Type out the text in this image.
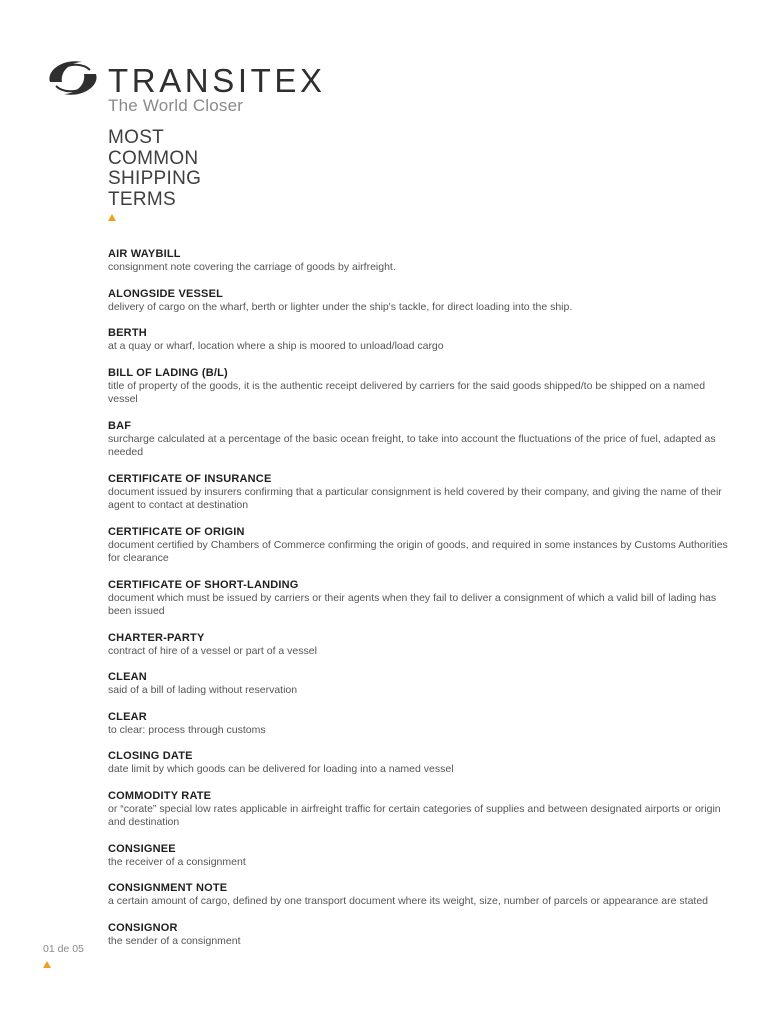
TRANSITEX
The World Closer
MOST
COMMON
SHIPPING
TERMS
AIR WAYBILL
consignment note covering the carriage of goods by airfreight.
ALONGSIDE VESSEL
delivery of cargo on the wharf, berth or lighter under the ship's tackle, for direct loading into the ship.
BERTH
at a quay or wharf, location where a ship is moored to unload/load cargo
BILL OF LADING (B/L)
title of property of the goods, it is the authentic receipt delivered by carriers for the said goods shipped/to be shipped on a named vessel
BAF
surcharge calculated at a percentage of the basic ocean freight, to take into account the fluctuations of the price of fuel, adapted as needed
CERTIFICATE OF INSURANCE
document issued by insurers confirming that a particular consignment is held covered by their company, and giving the name of their agent to contact at destination
CERTIFICATE OF ORIGIN
document certified by Chambers of Commerce confirming the origin of goods, and required in some instances by Customs Authorities for clearance
CERTIFICATE OF SHORT-LANDING
document which must be issued by carriers or their agents when they fail to deliver a consignment of which a valid bill of lading has been issued
CHARTER-PARTY
contract of hire of a vessel or part of a vessel
CLEAN
said of a bill of lading without reservation
CLEAR
to clear: process through customs
CLOSING DATE
date limit by which goods can be delivered for loading into a named vessel
COMMODITY RATE
or “corate” special low rates applicable in airfreight traffic for certain categories of supplies and between designated airports or origin and destination
CONSIGNEE
the receiver of a consignment
CONSIGNMENT NOTE
a certain amount of cargo, defined by one transport document where its weight, size, number of parcels or appearance are stated
CONSIGNOR
the sender of a consignment
01 de 05
